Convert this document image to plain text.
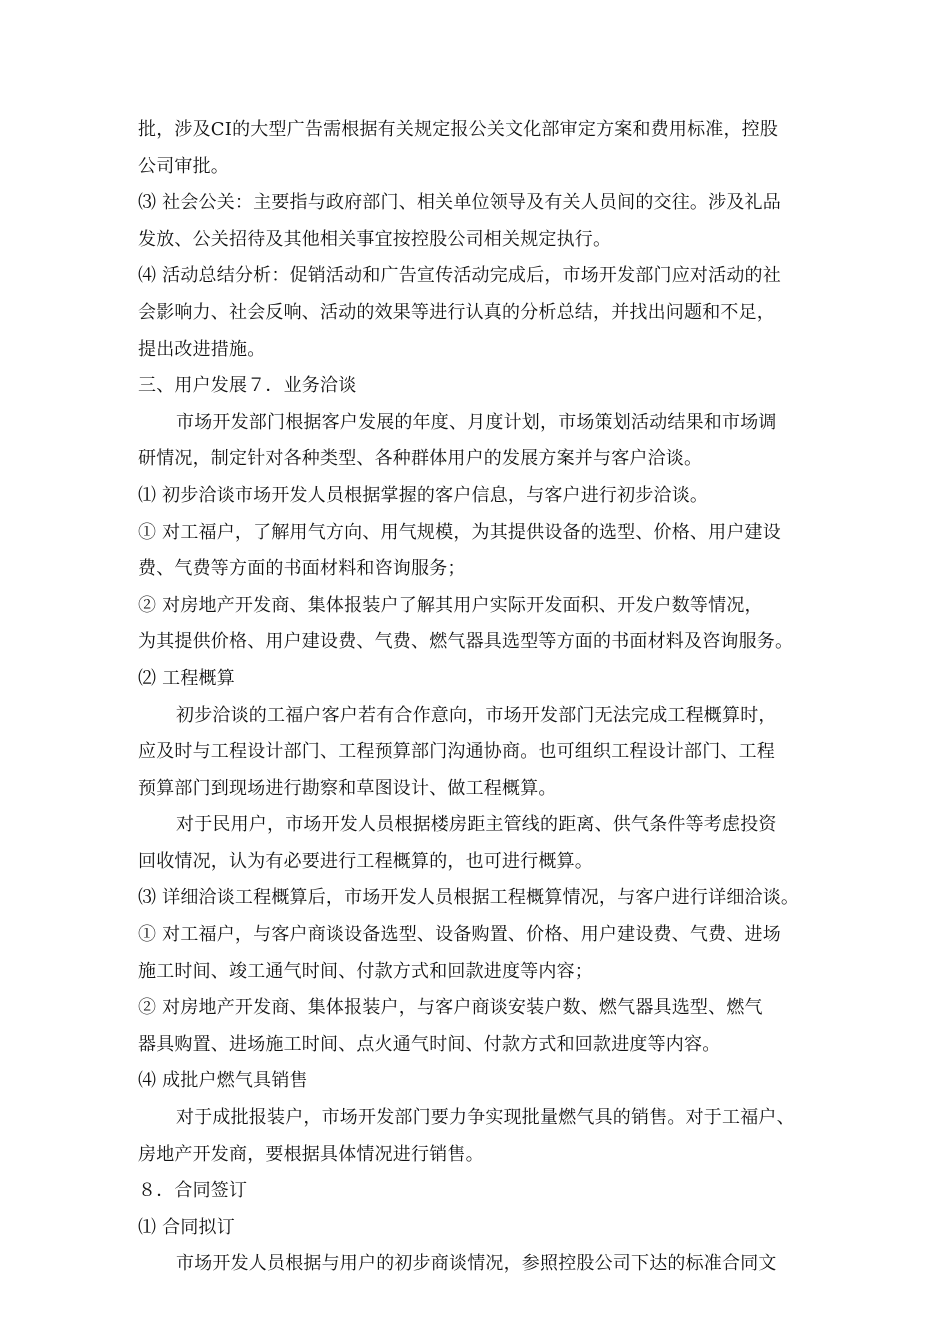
批，涉及CI的大型广告需根据有关规定报公关文化部审定方案和费用标准，控股
公司审批。
⑶ 社会公关：主要指与政府部门、相关单位领导及有关人员间的交往。涉及礼品
发放、公关招待及其他相关事宜按控股公司相关规定执行。
⑷ 活动总结分析：促销活动和广告宣传活动完成后，市场开发部门应对活动的社
会影响力、社会反响、活动的效果等进行认真的分析总结，并找出问题和不足，
提出改进措施。
三、用户发展７．业务洽谈
市场开发部门根据客户发展的年度、月度计划，市场策划活动结果和市场调
研情况，制定针对各种类型、各种群体用户的发展方案并与客户洽谈。
⑴ 初步洽谈市场开发人员根据掌握的客户信息，与客户进行初步洽谈。
① 对工福户，了解用气方向、用气规模，为其提供设备的选型、价格、用户建设
费、气费等方面的书面材料和咨询服务；
② 对房地产开发商、集体报装户了解其用户实际开发面积、开发户数等情况，
为其提供价格、用户建设费、气费、燃气器具选型等方面的书面材料及咨询服务。
⑵ 工程概算
初步洽谈的工福户客户若有合作意向，市场开发部门无法完成工程概算时，
应及时与工程设计部门、工程预算部门沟通协商。也可组织工程设计部门、工程
预算部门到现场进行勘察和草图设计、做工程概算。
对于民用户，市场开发人员根据楼房距主管线的距离、供气条件等考虑投资
回收情况，认为有必要进行工程概算的，也可进行概算。
⑶ 详细洽谈工程概算后，市场开发人员根据工程概算情况，与客户进行详细洽谈。
① 对工福户，与客户商谈设备选型、设备购置、价格、用户建设费、气费、进场
施工时间、竣工通气时间、付款方式和回款进度等内容；
② 对房地产开发商、集体报装户，与客户商谈安装户数、燃气器具选型、燃气
器具购置、进场施工时间、点火通气时间、付款方式和回款进度等内容。
⑷ 成批户燃气具销售
对于成批报装户，市场开发部门要力争实现批量燃气具的销售。对于工福户、
房地产开发商，要根据具体情况进行销售。
８．合同签订
⑴ 合同拟订
市场开发人员根据与用户的初步商谈情况，参照控股公司下达的标准合同文
